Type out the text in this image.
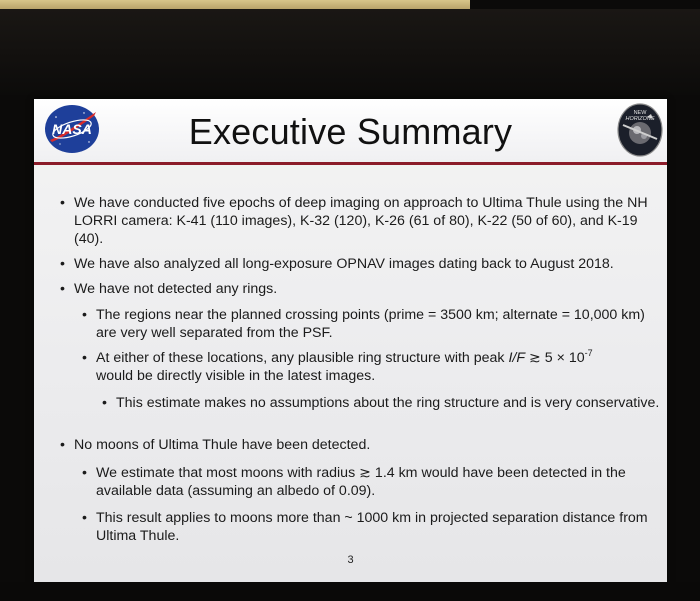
NASA	Executive Summary	NEW
HORIZONS
• We have conducted five epochs of deep imaging on approach to Ultima Thule using the NH LORRI camera: K-41 (110 images), K-32 (120), K-26 (61 of 80), K-22 (50 of 60), and K-19 (40).
• We have also analyzed all long-exposure OPNAV images dating back to August 2018.
• We have not detected any rings.
• The regions near the planned crossing points (prime = 3500 km; alternate = 10,000 km) are very well separated from the PSF.
• At either of these locations, any plausible ring structure with peak I/F ≳ $5 \times 10^{-7}$
would be directly visible in the latest images.
• This estimate makes no assumptions about the ring structure and is very conservative.
• No moons of Ultima Thule have been detected.
• We estimate that most moons with radius ≳ 1.4 km would have been detected in the available data (assuming an albedo of 0.09).
• This result applies to moons more than ~ 1000 km in projected separation distance from Ultima Thule.
3
